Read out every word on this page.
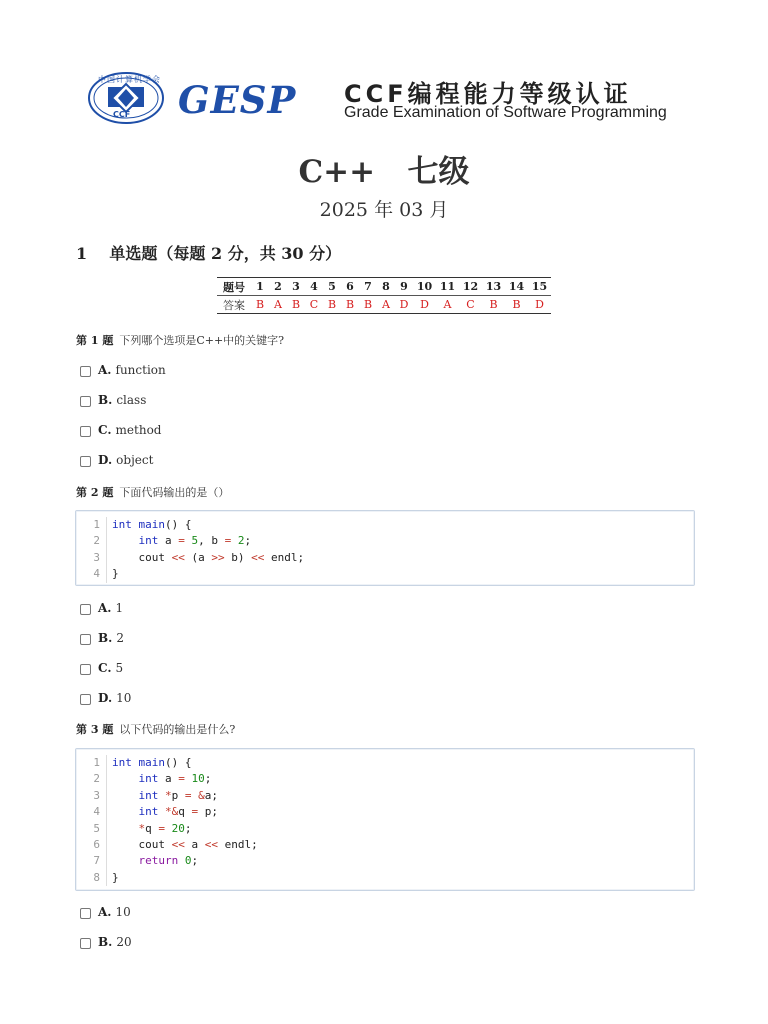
中国计算机学会
CCF GESP CCF编程能力等级认证
Grade Examination of Software Programming
C++   七级
2025 年 03 月
1    单选题（每题 2 分，共 30 分）
题号	1	2	3	4	5	6	7	8	9	10	11	12	13	14	15
答案	B	A	B	C	B	B	B	A	D	D	A	C	B	B	D
第 1 题 下列哪个选项是C++中的关键字?
A. function
B. class
C. method
D. object
第 2 题 下面代码输出的是（）
1	int main() {
2	int a = 5, b = 2;
3	cout << (a >> b) << endl;
4	}
A. 1
B. 2
C. 5
D. 10
第 3 题 以下代码的输出是什么?
1	int main() {
2	int a = 10;
3	int *p = &a;
4	int *&q = p;
5	*q = 20;
6	cout << a << endl;
7	return 0;
8	}
A. 10
B. 20
